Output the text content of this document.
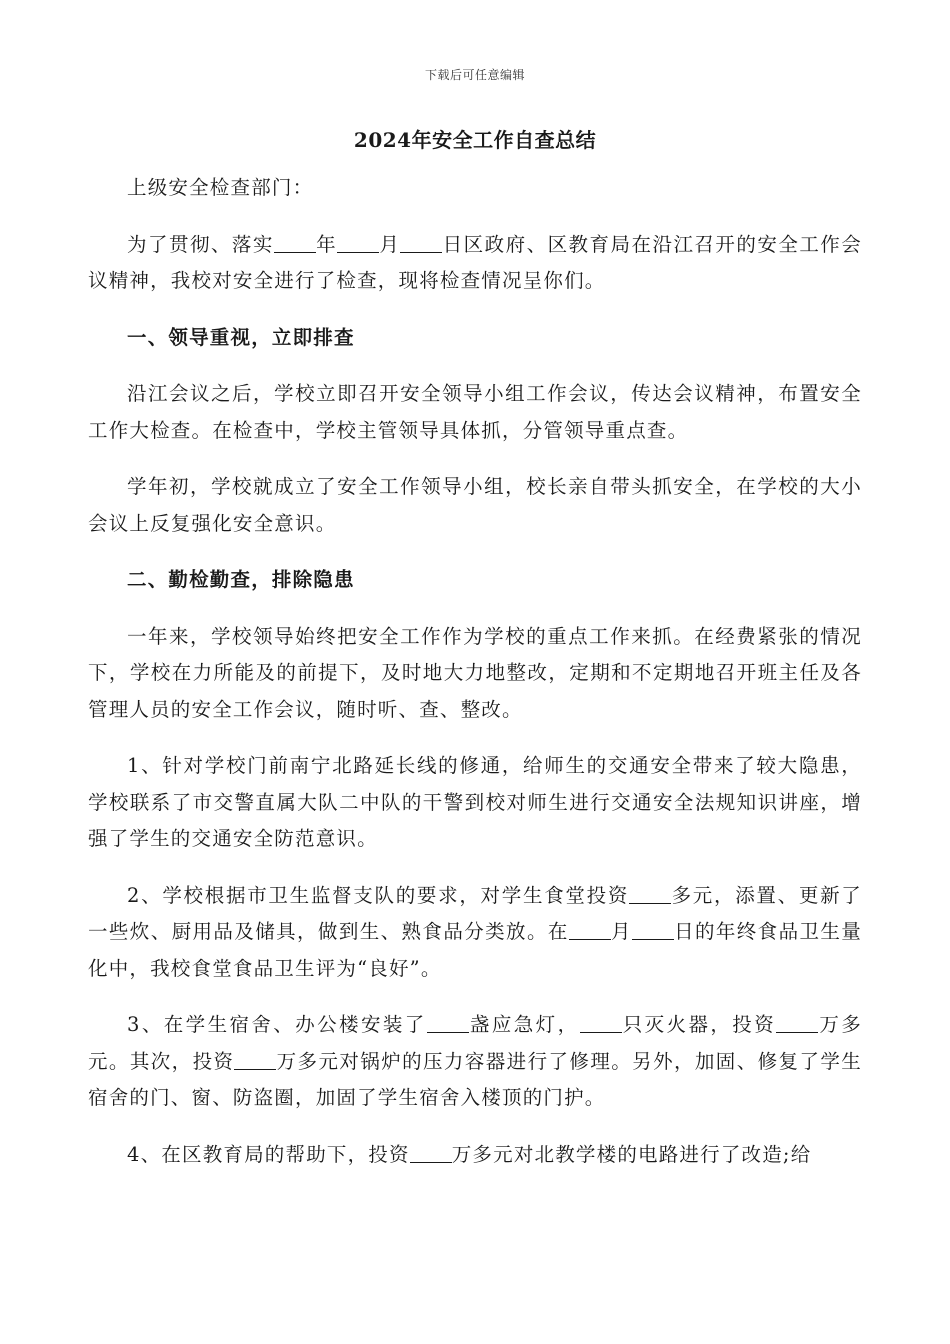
下载后可任意编辑
2024年安全工作自查总结

上级安全检查部门：

为了贯彻、落实 年 月 日区政府、区教育局在沿江召开的安全工作会议精神，我校对安全进行了检查，现将检查情况呈你们。

一、领导重视，立即排查

沿江会议之后，学校立即召开安全领导小组工作会议，传达会议精神，布置安全工作大检查。在检查中，学校主管领导具体抓，分管领导重点查。

学年初，学校就成立了安全工作领导小组，校长亲自带头抓安全，在学校的大小会议上反复强化安全意识。

二、勤检勤查，排除隐患

一年来，学校领导始终把安全工作作为学校的重点工作来抓。在经费紧张的情况下，学校在力所能及的前提下，及时地大力地整改，定期和不定期地召开班主任及各管理人员的安全工作会议，随时听、查、整改。

1、针对学校门前南宁北路延长线的修通，给师生的交通安全带来了较大隐患，学校联系了市交警直属大队二中队的干警到校对师生进行交通安全法规知识讲座，增强了学生的交通安全防范意识。

2、学校根据市卫生监督支队的要求，对学生食堂投资 多元，添置、更新了一些炊、厨用品及储具，做到生、熟食品分类放。在 月 日的年终食品卫生量化中，我校食堂食品卫生评为“良好”。

3、在学生宿舍、办公楼安装了 盏应急灯， 只灭火器，投资 万多元。其次，投资 万多元对锅炉的压力容器进行了修理。另外，加固、修复了学生宿舍的门、窗、防盗圈，加固了学生宿舍入楼顶的门护。

4、在区教育局的帮助下，投资 万多元对北教学楼的电路进行了改造;给
